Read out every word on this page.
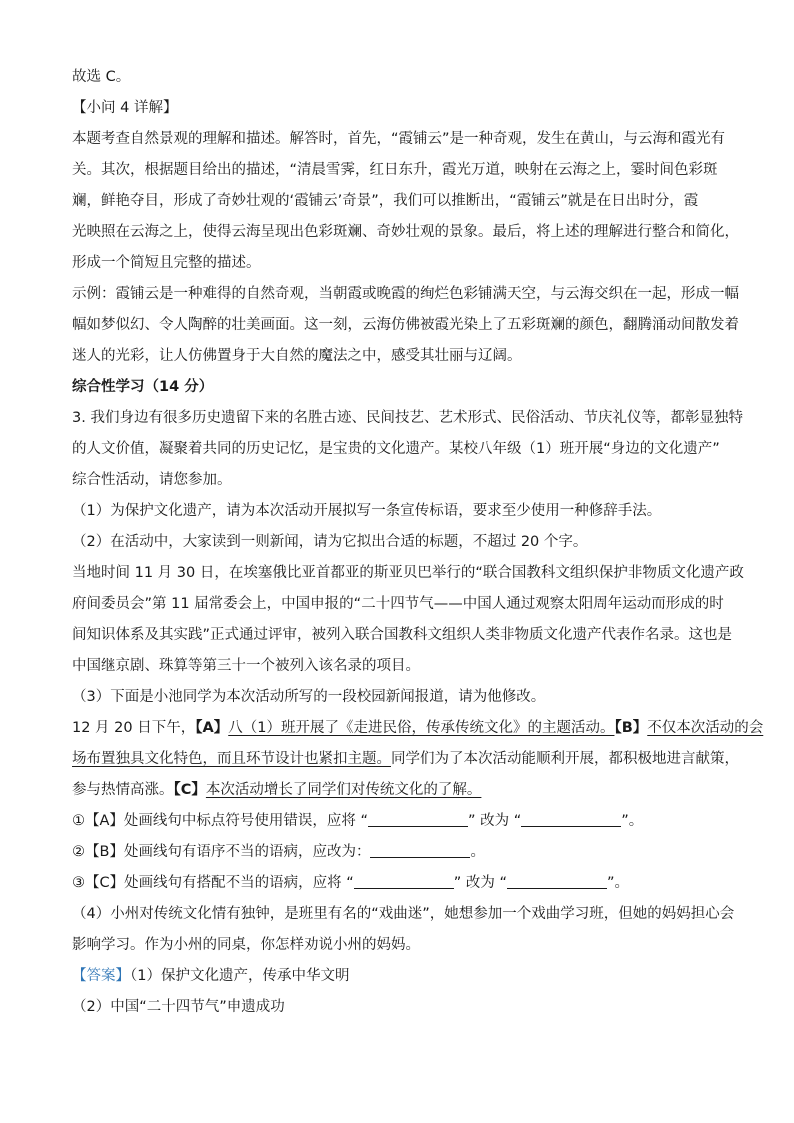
故选 C。
【小问 4 详解】
本题考查自然景观的理解和描述。解答时，首先，“霞铺云”是一种奇观，发生在黄山，与云海和霞光有
关。其次，根据题目给出的描述，“清晨雪霁，红日东升，霞光万道，映射在云海之上，霎时间色彩斑
斓，鲜艳夺目，形成了奇妙壮观的‘霞铺云’奇景”，我们可以推断出，“霞铺云”就是在日出时分，霞
光映照在云海之上，使得云海呈现出色彩斑斓、奇妙壮观的景象。最后，将上述的理解进行整合和简化，
形成一个简短且完整的描述。
示例：霞铺云是一种难得的自然奇观，当朝霞或晚霞的绚烂色彩铺满天空，与云海交织在一起，形成一幅
幅如梦似幻、令人陶醉的壮美画面。这一刻，云海仿佛被霞光染上了五彩斑斓的颜色，翻腾涌动间散发着
迷人的光彩，让人仿佛置身于大自然的魔法之中，感受其壮丽与辽阔。
综合性学习（14 分）
3. 我们身边有很多历史遗留下来的名胜古迹、民间技艺、艺术形式、民俗活动、节庆礼仪等，都彰显独特
的人文价值，凝聚着共同的历史记忆，是宝贵的文化遗产。某校八年级（1）班开展“身边的文化遗产”
综合性活动，请您参加。
（1）为保护文化遗产，请为本次活动开展拟写一条宣传标语，要求至少使用一种修辞手法。
（2）在活动中，大家读到一则新闻，请为它拟出合适的标题，不超过 20 个字。
当地时间 11 月 30 日，在埃塞俄比亚首都亚的斯亚贝巴举行的“联合国教科文组织保护非物质文化遗产政
府间委员会”第 11 届常委会上，中国申报的“二十四节气——中国人通过观察太阳周年运动而形成的时
间知识体系及其实践”正式通过评审，被列入联合国教科文组织人类非物质文化遗产代表作名录。这也是
中国继京剧、珠算等第三十一个被列入该名录的项目。
（3）下面是小池同学为本次活动所写的一段校园新闻报道，请为他修改。
12 月 20 日下午，【A】八（1）班开展了《走进民俗，传承传统文化》的主题活动。【B】不仅本次活动的会
场布置独具文化特色，而且环节设计也紧扣主题。同学们为了本次活动能顺利开展，都积极地进言献策，
参与热情高涨。【C】本次活动增长了同学们对传统文化的了解。
①【A】处画线句中标点符号使用错误，应将 “	” 改为 “	”。
②【B】处画线句有语序不当的语病，应改为：	。
③【C】处画线句有搭配不当的语病，应将 “	” 改为 “	”。
（4）小州对传统文化情有独钟，是班里有名的“戏曲迷”，她想参加一个戏曲学习班，但她的妈妈担心会
影响学习。作为小州的同桌，你怎样劝说小州的妈妈。
【答案】（1）保护文化遗产，传承中华文明
（2）中国“二十四节气”申遗成功
